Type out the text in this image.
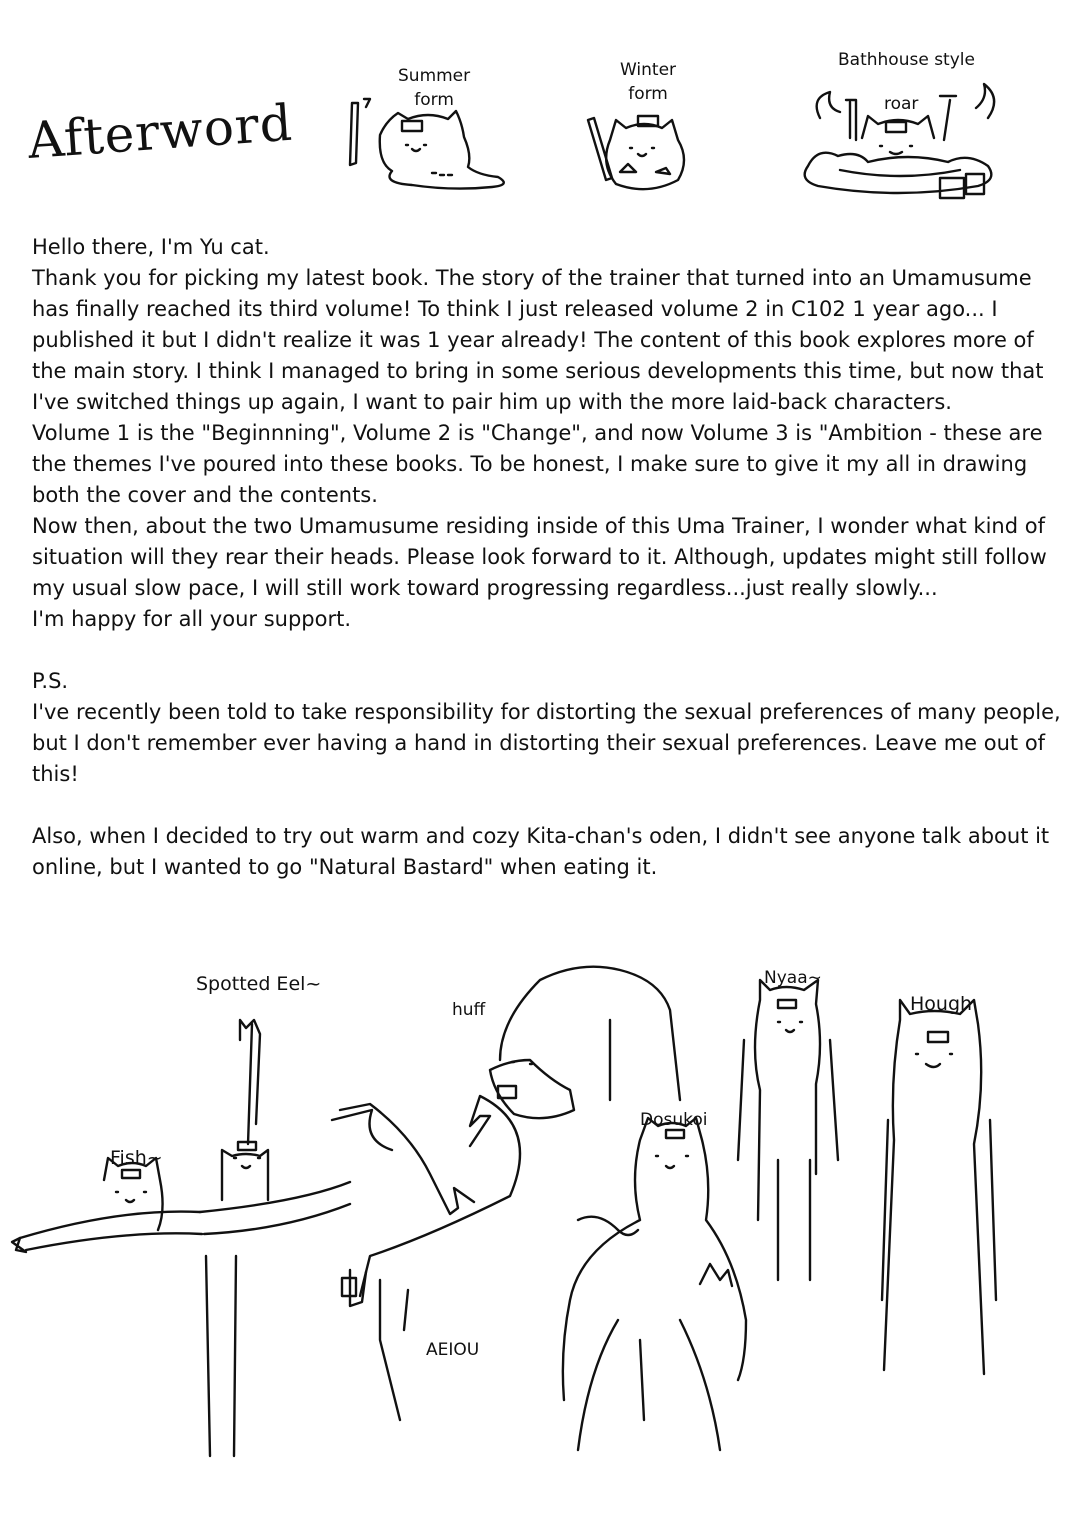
Afterword
Summer
form
Winter
form
Bathhouse style
roar

Hello there, I'm Yu cat.

Thank you for picking my latest book. The story of the trainer that turned into an Umamusume has finally reached its third volume! To think I just released volume 2 in C102 1 year ago... I published it but I didn't realize it was 1 year already! The content of this book explores more of the main story. I think I managed to bring in some serious developments this time, but now that I've switched things up again, I want to pair him up with the more laid-back characters.

Volume 1 is the "Beginnning", Volume 2 is "Change", and now Volume 3 is "Ambition - these are the themes I've poured into these books. To be honest, I make sure to give it my all in drawing both the cover and the contents.

Now then, about the two Umamusume residing inside of this Uma Trainer, I wonder what kind of situation will they rear their heads. Please look forward to it. Although, updates might still follow my usual slow pace, I will still work toward progressing regardless...just really slowly...

I'm happy for all your support.

P.S.

I've recently been told to take responsibility for distorting the sexual preferences of many people, but I don't remember ever having a hand in distorting their sexual preferences. Leave me out of this!

Also, when I decided to try out warm and cozy Kita-chan's oden, I didn't see anyone talk about it online, but I wanted to go "Natural Bastard" when eating it.

Spotted Eel~
huff
Nyaa~
Hough
Fish~
Dosukoi
AEIOU
